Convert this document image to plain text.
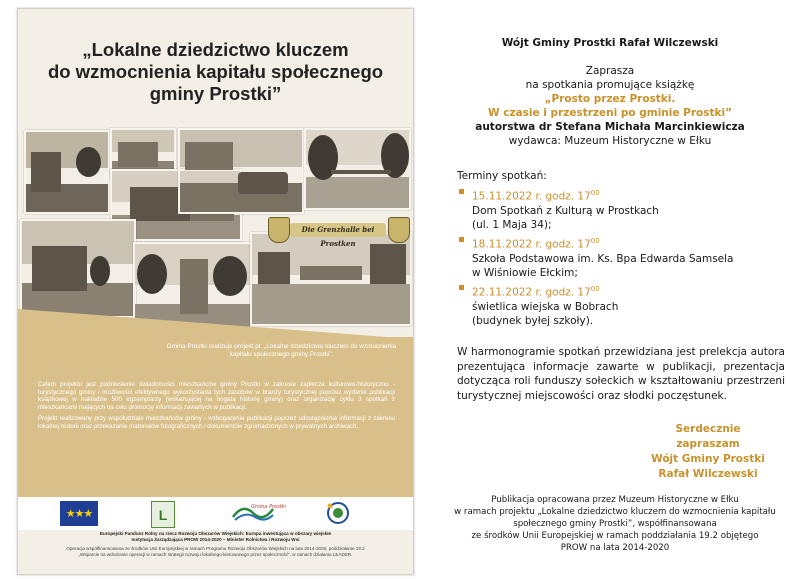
„Lokalne dziedzictwo kluczem
do wzmocnienia kapitału społecznego
gminy Prostki”
Die Grenzhalle bei Prostken
Gmina Prostki realizuje projekt pt. „Lokalne dziedzictwo kluczem do wzmocnienia kapitału społecznego gminy Prostki”.

Celem projektu jest podniesienie świadomości mieszkańców gminy Prostki w zakresie zaplecza kulturowo-historyczno - turystycznego gminy i możliwości efektywnego wykorzystania tych zasobów w branży turystycznej poprzez wydanie publikacji książkowej w nakładzie 500 egzemplarzy (wskazującej na bogatą historię gminy) oraz organizację cyklu 3 spotkań z mieszkańcami mających na celu promocję informacji zawartych w publikacji.

Projekt realizowany przy współudziale mieszkańców gminy - wzbogacenie publikacji poprzez udostępnienie informacji z zakresu lokalnej historii oraz przekazanie materiałów fotograficznych i dokumentów zgromadzonych w prywatnych archiwach.

★★★	L	Gmina Prostki
Europejski Fundusz Rolny na rzecz Rozwoju Obszarów Wiejskich: Europa inwestująca w obszary wiejskie
Instytucja Zarządzająca PROW 2014-2020 – Minister Rolnictwa i Rozwoju Wsi
Operacja współfinansowana ze środków Unii Europejskiej w ramach Programu Rozwoju Obszarów Wiejskich na lata 2014-2020, poddziałanie 19.2
„Wsparcie na wdrażanie operacji w ramach strategii rozwoju lokalnego kierowanego przez społeczność”, w ramach działania LEADER.
Wójt Gminy Prostki Rafał Wilczewski
Zaprasza
na spotkania promujące książkę
„Prosto przez Prostki.
W czasie i przestrzeni po gminie Prostki”
autorstwa dr Stefana Michała Marcinkiewicza
wydawca: Muzeum Historyczne w Ełku
Terminy spotkań:
15.11.2022 r. godz. $17^{00}$
Dom Spotkań z Kulturą w Prostkach
(ul. 1 Maja 34);
18.11.2022 r. godz. $17^{00}$
Szkoła Podstawowa im. Ks. Bpa Edwarda Samsela
w Wiśniowie Ełckim;
22.11.2022 r. godz. $17^{00}$
świetlica wiejska w Bobrach
(budynek byłej szkoły).
W harmonogramie spotkań przewidziana jest prelekcja autora prezentująca informacje zawarte w publikacji, prezentacja dotycząca roli funduszy sołeckich w kształtowaniu przestrzeni turystycznej miejscowości oraz słodki poczęstunek.
Serdecznie zapraszam
Wójt Gminy Prostki
Rafał Wilczewski
Publikacja opracowana przez Muzeum Historyczne w Ełku
w ramach projektu „Lokalne dziedzictwo kluczem do wzmocnienia kapitału
społecznego gminy Prostki”, współfinansowana
ze środków Unii Europejskiej w ramach poddziałania 19.2 objętego
PROW na lata 2014-2020
